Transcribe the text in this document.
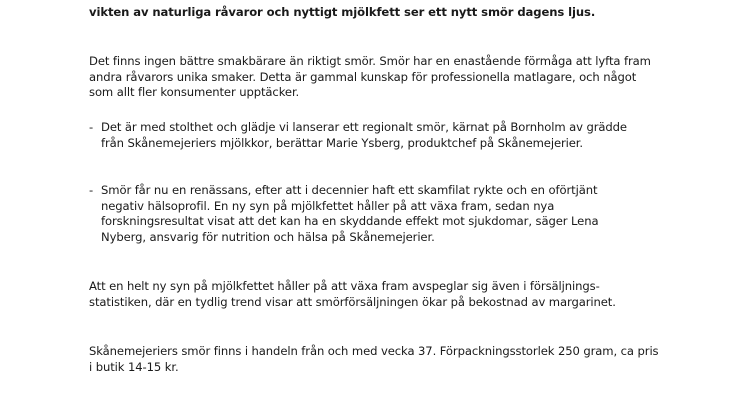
vikten av naturliga råvaror och nyttigt mjölkfett ser ett nytt smör dagens ljus.

Det finns ingen bättre smakbärare än riktigt smör. Smör har en enastående förmåga att lyfta fram
andra råvarors unika smaker. Detta är gammal kunskap för professionella matlagare, och något
som allt fler konsumenter upptäcker.

- Det är med stolthet och glädje vi lanserar ett regionalt smör, kärnat på Bornholm av grädde
från Skånemejeriers mjölkkor, berättar Marie Ysberg, produktchef på Skånemejerier.

- Smör får nu en renässans, efter att i decennier haft ett skamfilat rykte och en oförtjänt
negativ hälsoprofil. En ny syn på mjölkfettet håller på att växa fram, sedan nya
forskningsresultat visat att det kan ha en skyddande effekt mot sjukdomar, säger Lena
Nyberg, ansvarig för nutrition och hälsa på Skånemejerier.

Att en helt ny syn på mjölkfettet håller på att växa fram avspeglar sig även i försäljnings-
statistiken, där en tydlig trend visar att smörförsäljningen ökar på bekostnad av margarinet.

Skånemejeriers smör finns i handeln från och med vecka 37. Förpackningsstorlek 250 gram, ca pris
i butik 14-15 kr.
